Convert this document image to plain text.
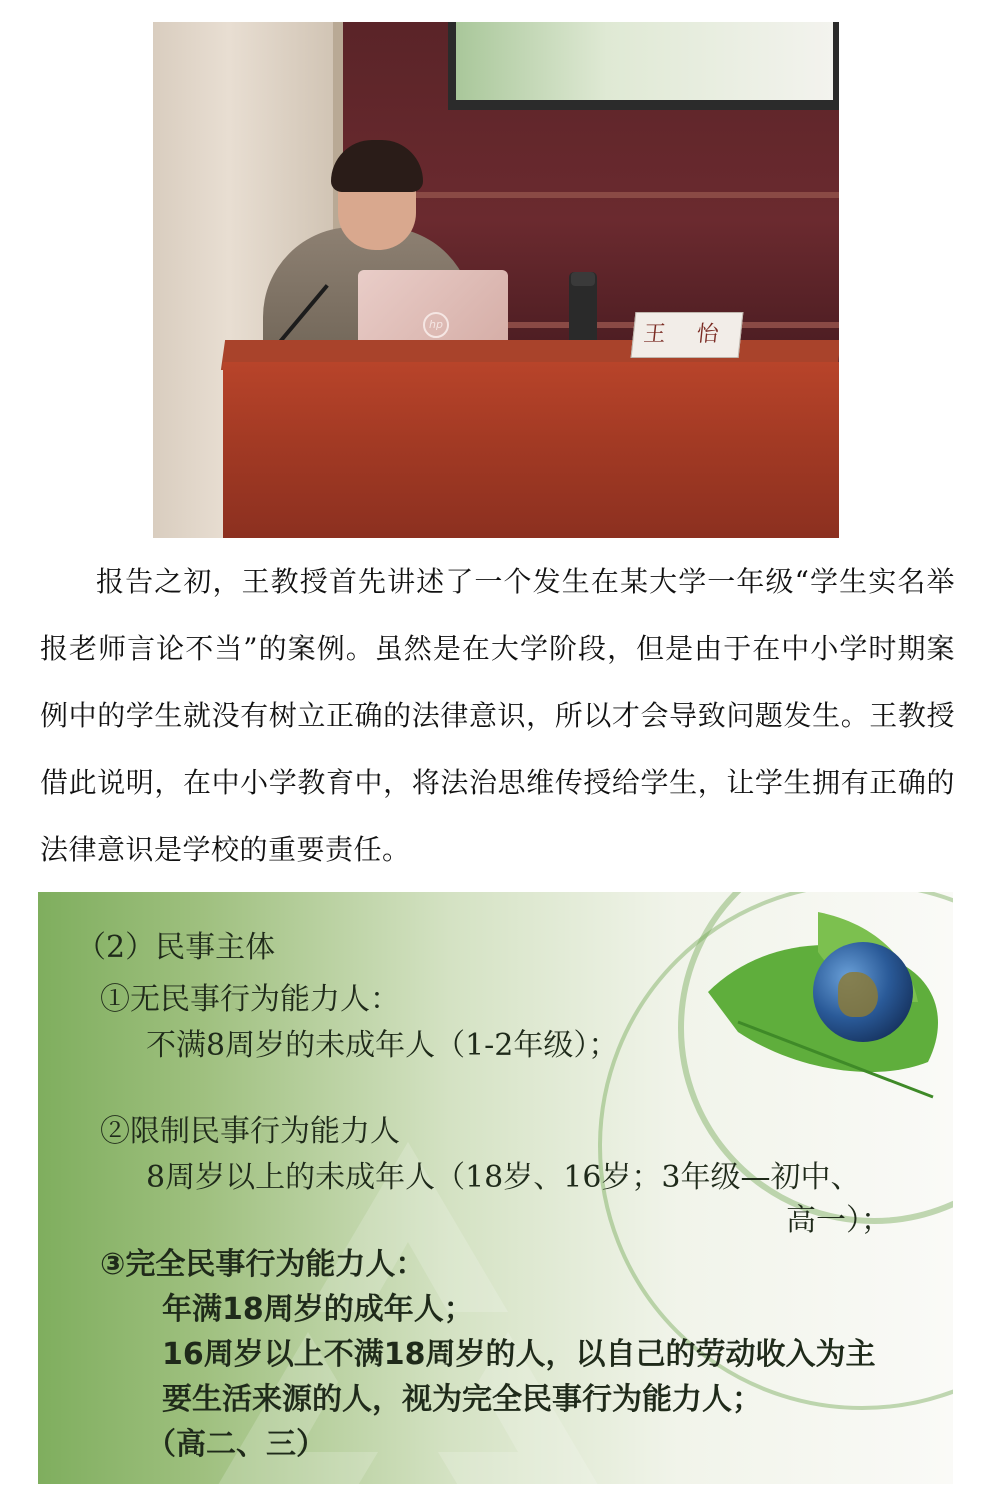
hp	王 怡

报告之初，王教授首先讲述了一个发生在某大学一年级“学生实名举报老师言论不当”的案例。虽然是在大学阶段，但是由于在中小学时期案例中的学生就没有树立正确的法律意识，所以才会导致问题发生。王教授借此说明，在中小学教育中，将法治思维传授给学生，让学生拥有正确的法律意识是学校的重要责任。

（2）民事主体
①无民事行为能力人：
不满8周岁的未成年人（1-2年级）；
②限制民事行为能力人
8周岁以上的未成年人（18岁、16岁；3年级—初中、
高一）；
③完全民事行为能力人：
年满18周岁的成年人；
16周岁以上不满18周岁的人，以自己的劳动收入为主
要生活来源的人，视为完全民事行为能力人；
（高二、三）
